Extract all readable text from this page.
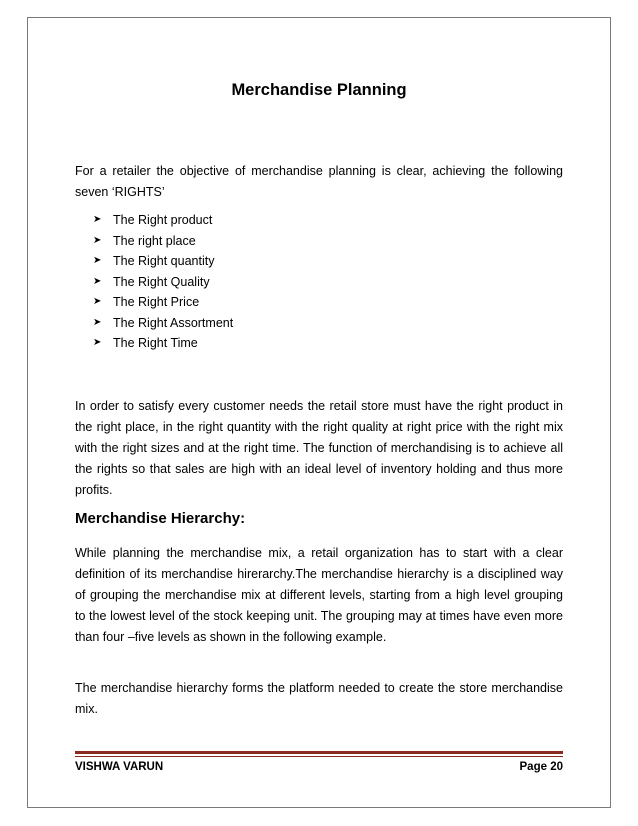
Merchandise Planning

For a retailer the objective of merchandise planning is clear, achieving the following seven ‘RIGHTS’

➤ The Right product
➤ The right place
➤ The Right quantity
➤ The Right Quality
➤ The Right Price
➤ The Right Assortment
➤ The Right Time

In order to satisfy every customer needs the retail store must have the right product in the right place, in the right quantity with the right quality at right price with the right mix with the right sizes and at the right time. The function of merchandising is to achieve all the rights so that sales are high with an ideal level of inventory holding and thus more profits.

Merchandise Hierarchy:

While planning the merchandise mix, a retail organization has to start with a clear definition of its merchandise hirerarchy.The merchandise hierarchy is a disciplined way of grouping the merchandise mix at different levels, starting from a high level grouping to the lowest level of the stock keeping unit. The grouping may at times have even more than four –five levels as shown in the following example.

The merchandise hierarchy forms the platform needed to create the store merchandise mix.

VISHWA VARUN	Page 20
